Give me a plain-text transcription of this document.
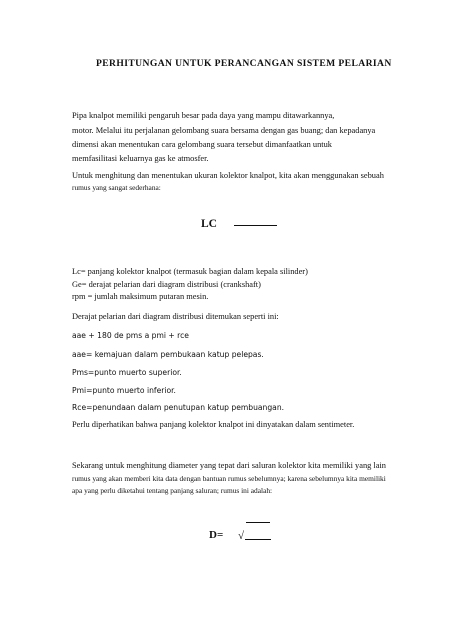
PERHITUNGAN UNTUK PERANCANGAN SISTEM PELARIAN
Pipa knalpot memiliki pengaruh besar pada daya yang mampu ditawarkannya,
motor. Melalui itu perjalanan gelombang suara bersama dengan gas buang; dan kepadanya
dimensi akan menentukan cara gelombang suara tersebut dimanfaatkan untuk
memfasilitasi keluarnya gas ke atmosfer.
Untuk menghitung dan menentukan ukuran kolektor knalpot, kita akan menggunakan sebuah
rumus yang sangat sederhana:
LC
Lc= panjang kolektor knalpot (termasuk bagian dalam kepala silinder)
Ge= derajat pelarian dari diagram distribusi (crankshaft)
rpm = jumlah maksimum putaran mesin.
Derajat pelarian dari diagram distribusi ditemukan seperti ini:
aae + 180 de pms a pmi + rce
aae= kemajuan dalam pembukaan katup pelepas.
Pms=punto muerto superior.
Pmi=punto muerto inferior.
Rce=penundaan dalam penutupan katup pembuangan.
Perlu diperhatikan bahwa panjang kolektor knalpot ini dinyatakan dalam sentimeter.
Sekarang untuk menghitung diameter yang tepat dari saluran kolektor kita memiliki yang lain
rumus yang akan memberi kita data dengan bantuan rumus sebelumnya; karena sebelumnya kita memiliki
apa yang perlu diketahui tentang panjang saluran; rumus ini adalah:
D= √
